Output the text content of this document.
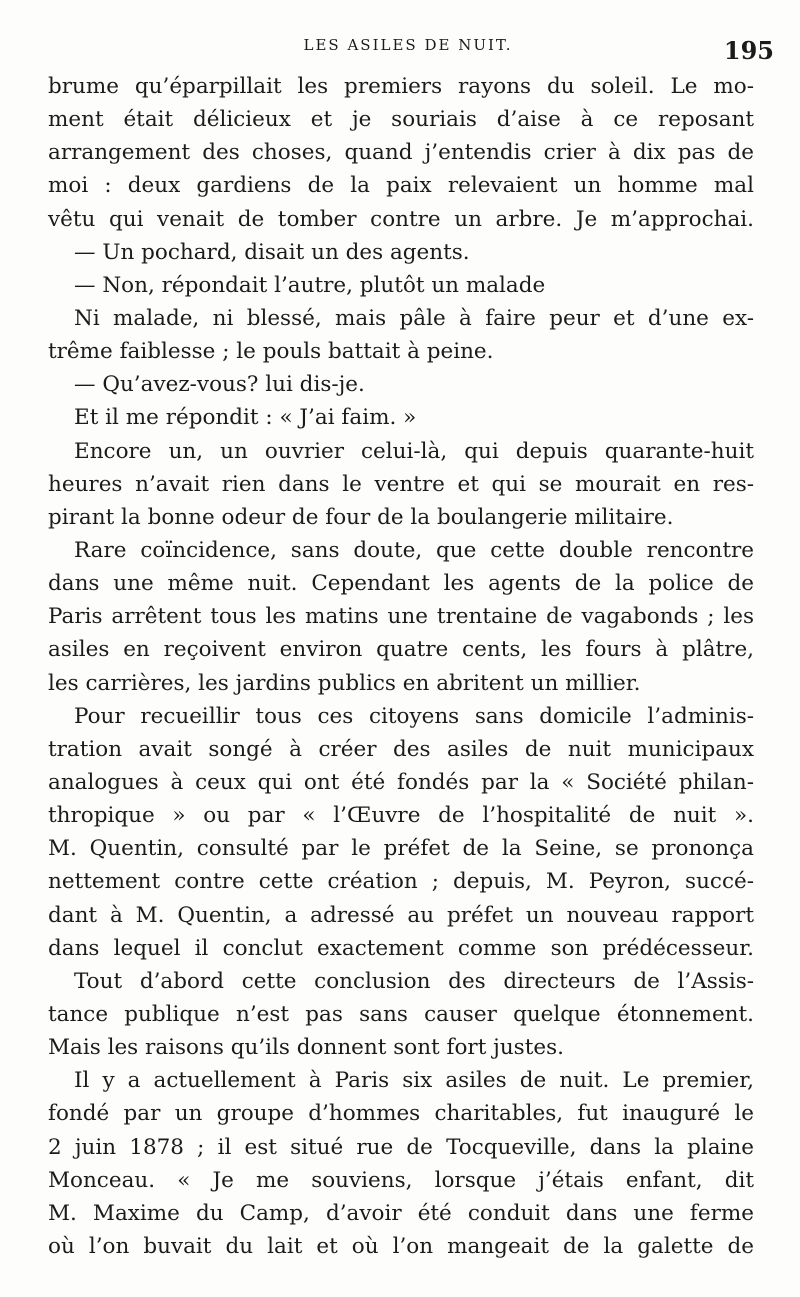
LES ASILES DE NUIT.	195
brume qu’éparpillait les premiers rayons du soleil. Le mo-
ment était délicieux et je souriais d’aise à ce reposant
arrangement des choses, quand j’entendis crier à dix pas de
moi : deux gardiens de la paix relevaient un homme mal
vêtu qui venait de tomber contre un arbre. Je m’approchai.
— Un pochard, disait un des agents.
— Non, répondait l’autre, plutôt un malade
Ni malade, ni blessé, mais pâle à faire peur et d’une ex-
trême faiblesse ; le pouls battait à peine.
— Qu’avez-vous? lui dis-je.
Et il me répondit : « J’ai faim. »
Encore un, un ouvrier celui-là, qui depuis quarante-huit
heures n’avait rien dans le ventre et qui se mourait en res-
pirant la bonne odeur de four de la boulangerie militaire.
Rare coïncidence, sans doute, que cette double rencontre
dans une même nuit. Cependant les agents de la police de
Paris arrêtent tous les matins une trentaine de vagabonds ; les
asiles en reçoivent environ quatre cents, les fours à plâtre,
les carrières, les jardins publics en abritent un millier.
Pour recueillir tous ces citoyens sans domicile l’adminis-
tration avait songé à créer des asiles de nuit municipaux
analogues à ceux qui ont été fondés par la « Société philan-
thropique » ou par « l’Œuvre de l’hospitalité de nuit ».
M. Quentin, consulté par le préfet de la Seine, se prononça
nettement contre cette création ; depuis, M. Peyron, succé-
dant à M. Quentin, a adressé au préfet un nouveau rapport
dans lequel il conclut exactement comme son prédécesseur.
Tout d’abord cette conclusion des directeurs de l’Assis-
tance publique n’est pas sans causer quelque étonnement.
Mais les raisons qu’ils donnent sont fort justes.
Il y a actuellement à Paris six asiles de nuit. Le premier,
fondé par un groupe d’hommes charitables, fut inauguré le
2 juin 1878 ; il est situé rue de Tocqueville, dans la plaine
Monceau. « Je me souviens, lorsque j’étais enfant, dit
M. Maxime du Camp, d’avoir été conduit dans une ferme
où l’on buvait du lait et où l’on mangeait de la galette de
